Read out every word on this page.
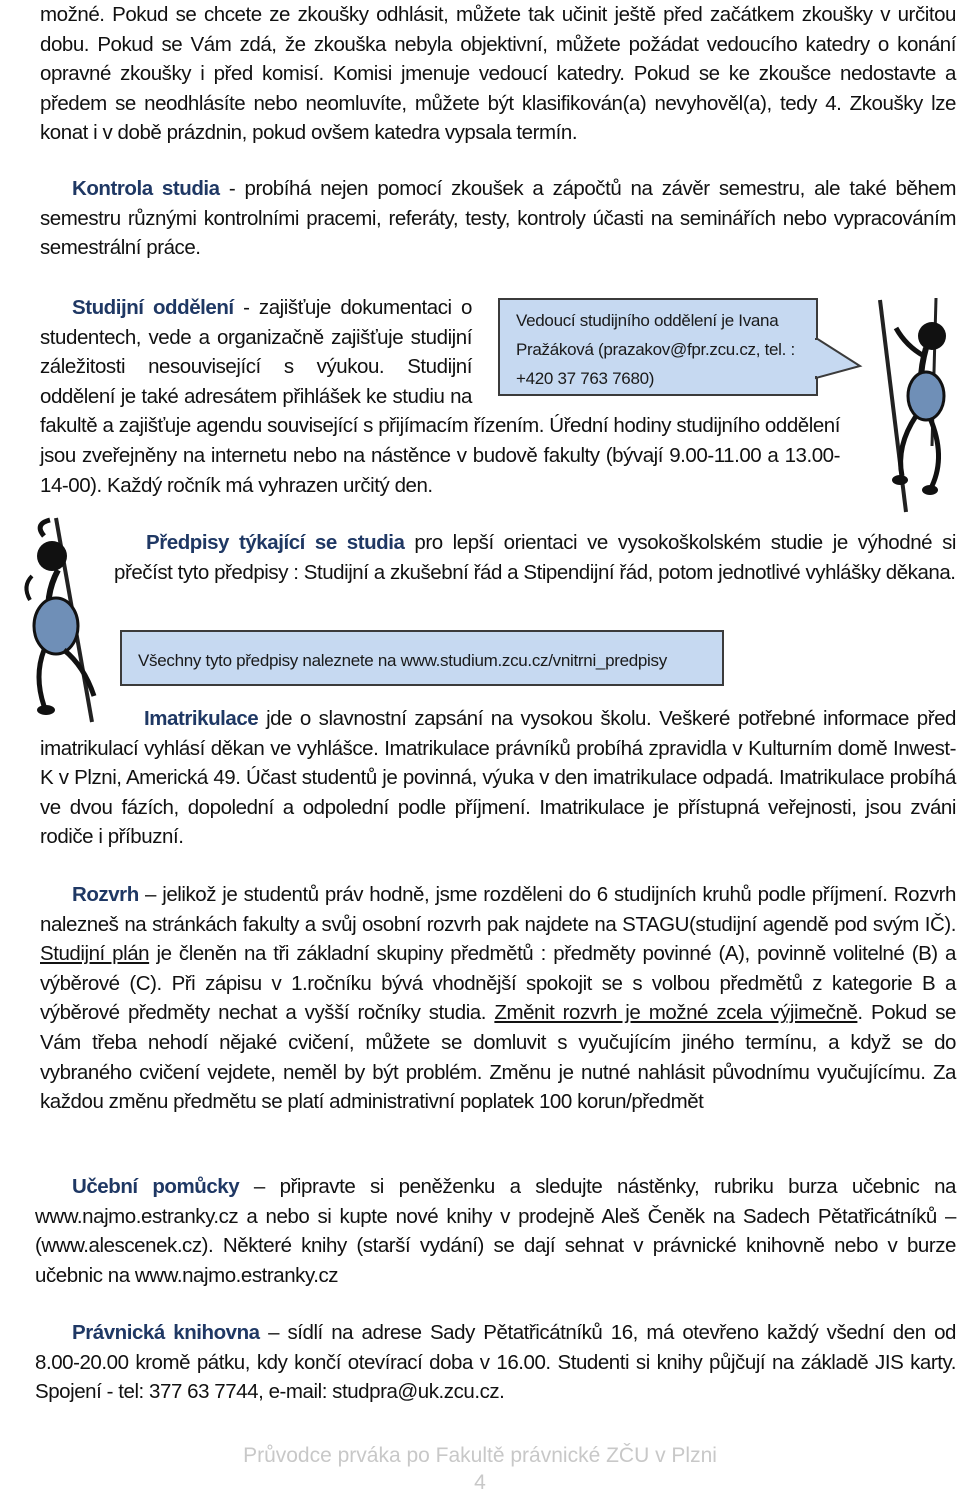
možné. Pokud se chcete ze zkoušky odhlásit, můžete tak učinit ještě před začátkem zkoušky v určitou dobu. Pokud se Vám zdá, že zkouška nebyla objektivní, můžete požádat vedoucího katedry o konání opravné zkoušky i před komisí. Komisi jmenuje vedoucí katedry. Pokud se ke zkoušce nedostavte a předem se neodhlásíte nebo neomluvíte, můžete být klasifikován(a) nevyhověl(a), tedy 4. Zkoušky lze konat i v době prázdnin, pokud ovšem katedra vypsala termín.

Kontrola studia - probíhá nejen pomocí zkoušek a zápočtů na závěr semestru, ale také během semestru různými kontrolními pracemi, referáty, testy, kontroly účasti na seminářích nebo vypracováním semestrální práce.

Studijní oddělení - zajišťuje dokumentaci o studentech, vede a organizačně zajišťuje studijní záležitosti nesouvisející s výukou. Studijní oddělení je také adresátem přihlášek ke studiu na fakultě a zajišťuje agendu související s přijímacím řízením. Úřední hodiny studijního oddělení jsou zveřejněny na internetu nebo na nástěnce v budově fakulty (bývají 9.00-11.00 a 13.00-14-00). Každý ročník má vyhrazen určitý den.

Vedoucí studijního oddělení je Ivana Pražáková (prazakov@fpr.zcu.cz, tel. : +420 37 763 7680)

Předpisy týkající se studia pro lepší orientaci ve vysokoškolském studie je výhodné si přečíst tyto předpisy : Studijní a zkušební řád a Stipendijní řád, potom jednotlivé vyhlášky děkana.

Všechny tyto předpisy naleznete na www.studium.zcu.cz/vnitrni_predpisy

Imatrikulace jde o slavnostní zapsání na vysokou školu. Veškeré potřebné informace před imatrikulací vyhlásí děkan ve vyhlášce. Imatrikulace právníků probíhá zpravidla v Kulturním domě Inwest-K v Plzni, Americká 49. Účast studentů je povinná, výuka v den imatrikulace odpadá. Imatrikulace probíhá ve dvou fázích, dopolední a odpolední podle příjmení. Imatrikulace je přístupná veřejnosti, jsou zváni rodiče i příbuzní.

Rozvrh – jelikož je studentů práv hodně, jsme rozděleni do 6 studijních kruhů podle příjmení. Rozvrh nalezneš na stránkách fakulty a svůj osobní rozvrh pak najdete na STAGU(studijní agendě pod svým IČ). Studijní plán je členěn na tři základní skupiny předmětů : předměty povinné (A), povinně volitelné (B) a výběrové (C). Při zápisu v 1.ročníku bývá vhodnější spokojit se s volbou předmětů z kategorie B a výběrové předměty nechat a vyšší ročníky studia. Změnit rozvrh je možné zcela výjimečně. Pokud se Vám třeba nehodí nějaké cvičení, můžete se domluvit s vyučujícím jiného termínu, a když se do vybraného cvičení vejdete, neměl by být problém. Změnu je nutné nahlásit původnímu vyučujícímu. Za každou změnu předmětu se platí administrativní poplatek 100 korun/předmět

Učební pomůcky – připravte si peněženku a sledujte nástěnky, rubriku burza učebnic na www.najmo.estranky.cz a nebo si kupte nové knihy v prodejně Aleš Čeněk na Sadech Pětatřicátníků – (www.alescenek.cz). Některé knihy (starší vydání) se dají sehnat v právnické knihovně nebo v burze učebnic na www.najmo.estranky.cz

Právnická knihovna – sídlí na adrese Sady Pětatřicátníků 16, má otevřeno každý všední den od 8.00-20.00 kromě pátku, kdy končí otevírací doba v 16.00. Studenti si knihy půjčují na základě JIS karty. Spojení - tel: 377 63 7744, e-mail: studpra@uk.zcu.cz.

Průvodce prváka po Fakultě právnické ZČU v Plzni
4
